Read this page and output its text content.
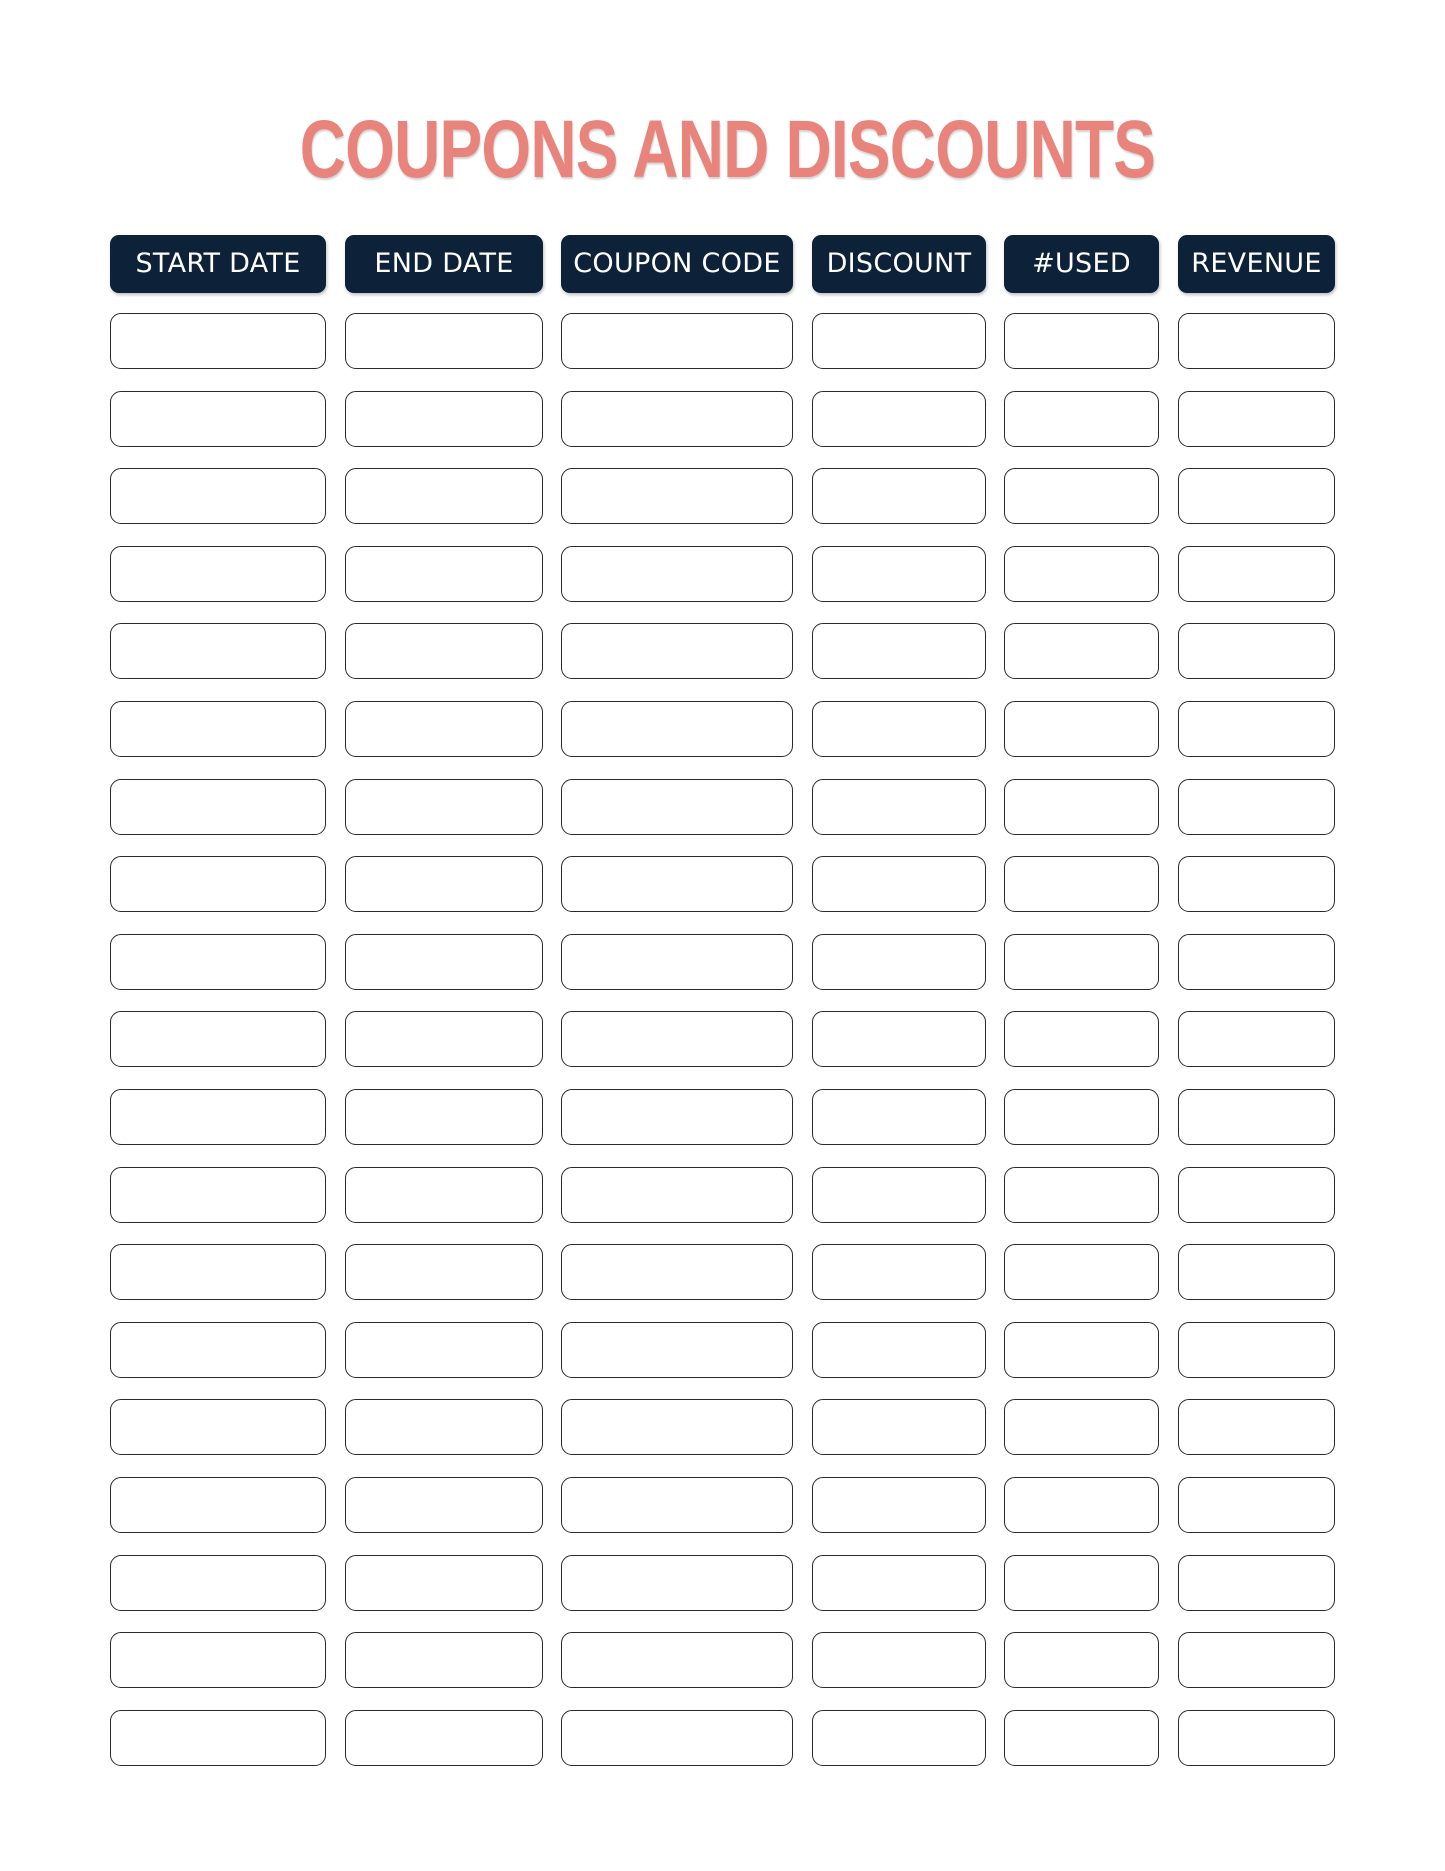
COUPONS AND DISCOUNTS
START DATE	END DATE	COUPON CODE	DISCOUNT	#USED	REVENUE
